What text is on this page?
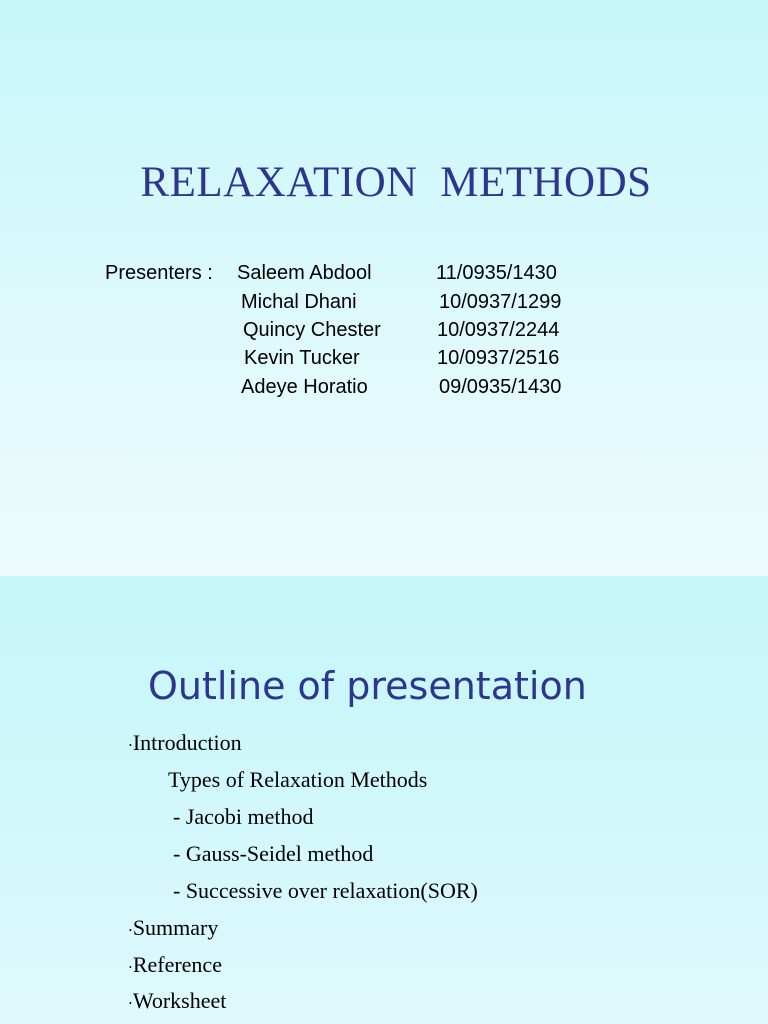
RELAXATION  METHODS
Presenters : Saleem Abdool	11/0935/1430
Michal Dhani	10/0937/1299
Quincy Chester	10/0937/2244
Kevin Tucker	10/0937/2516
Adeye Horatio	09/0935/1430
Outline of presentation
•Introduction
Types of Relaxation Methods
- Jacobi method
- Gauss-Seidel method
- Successive over relaxation(SOR)
•Summary
•Reference
•Worksheet
